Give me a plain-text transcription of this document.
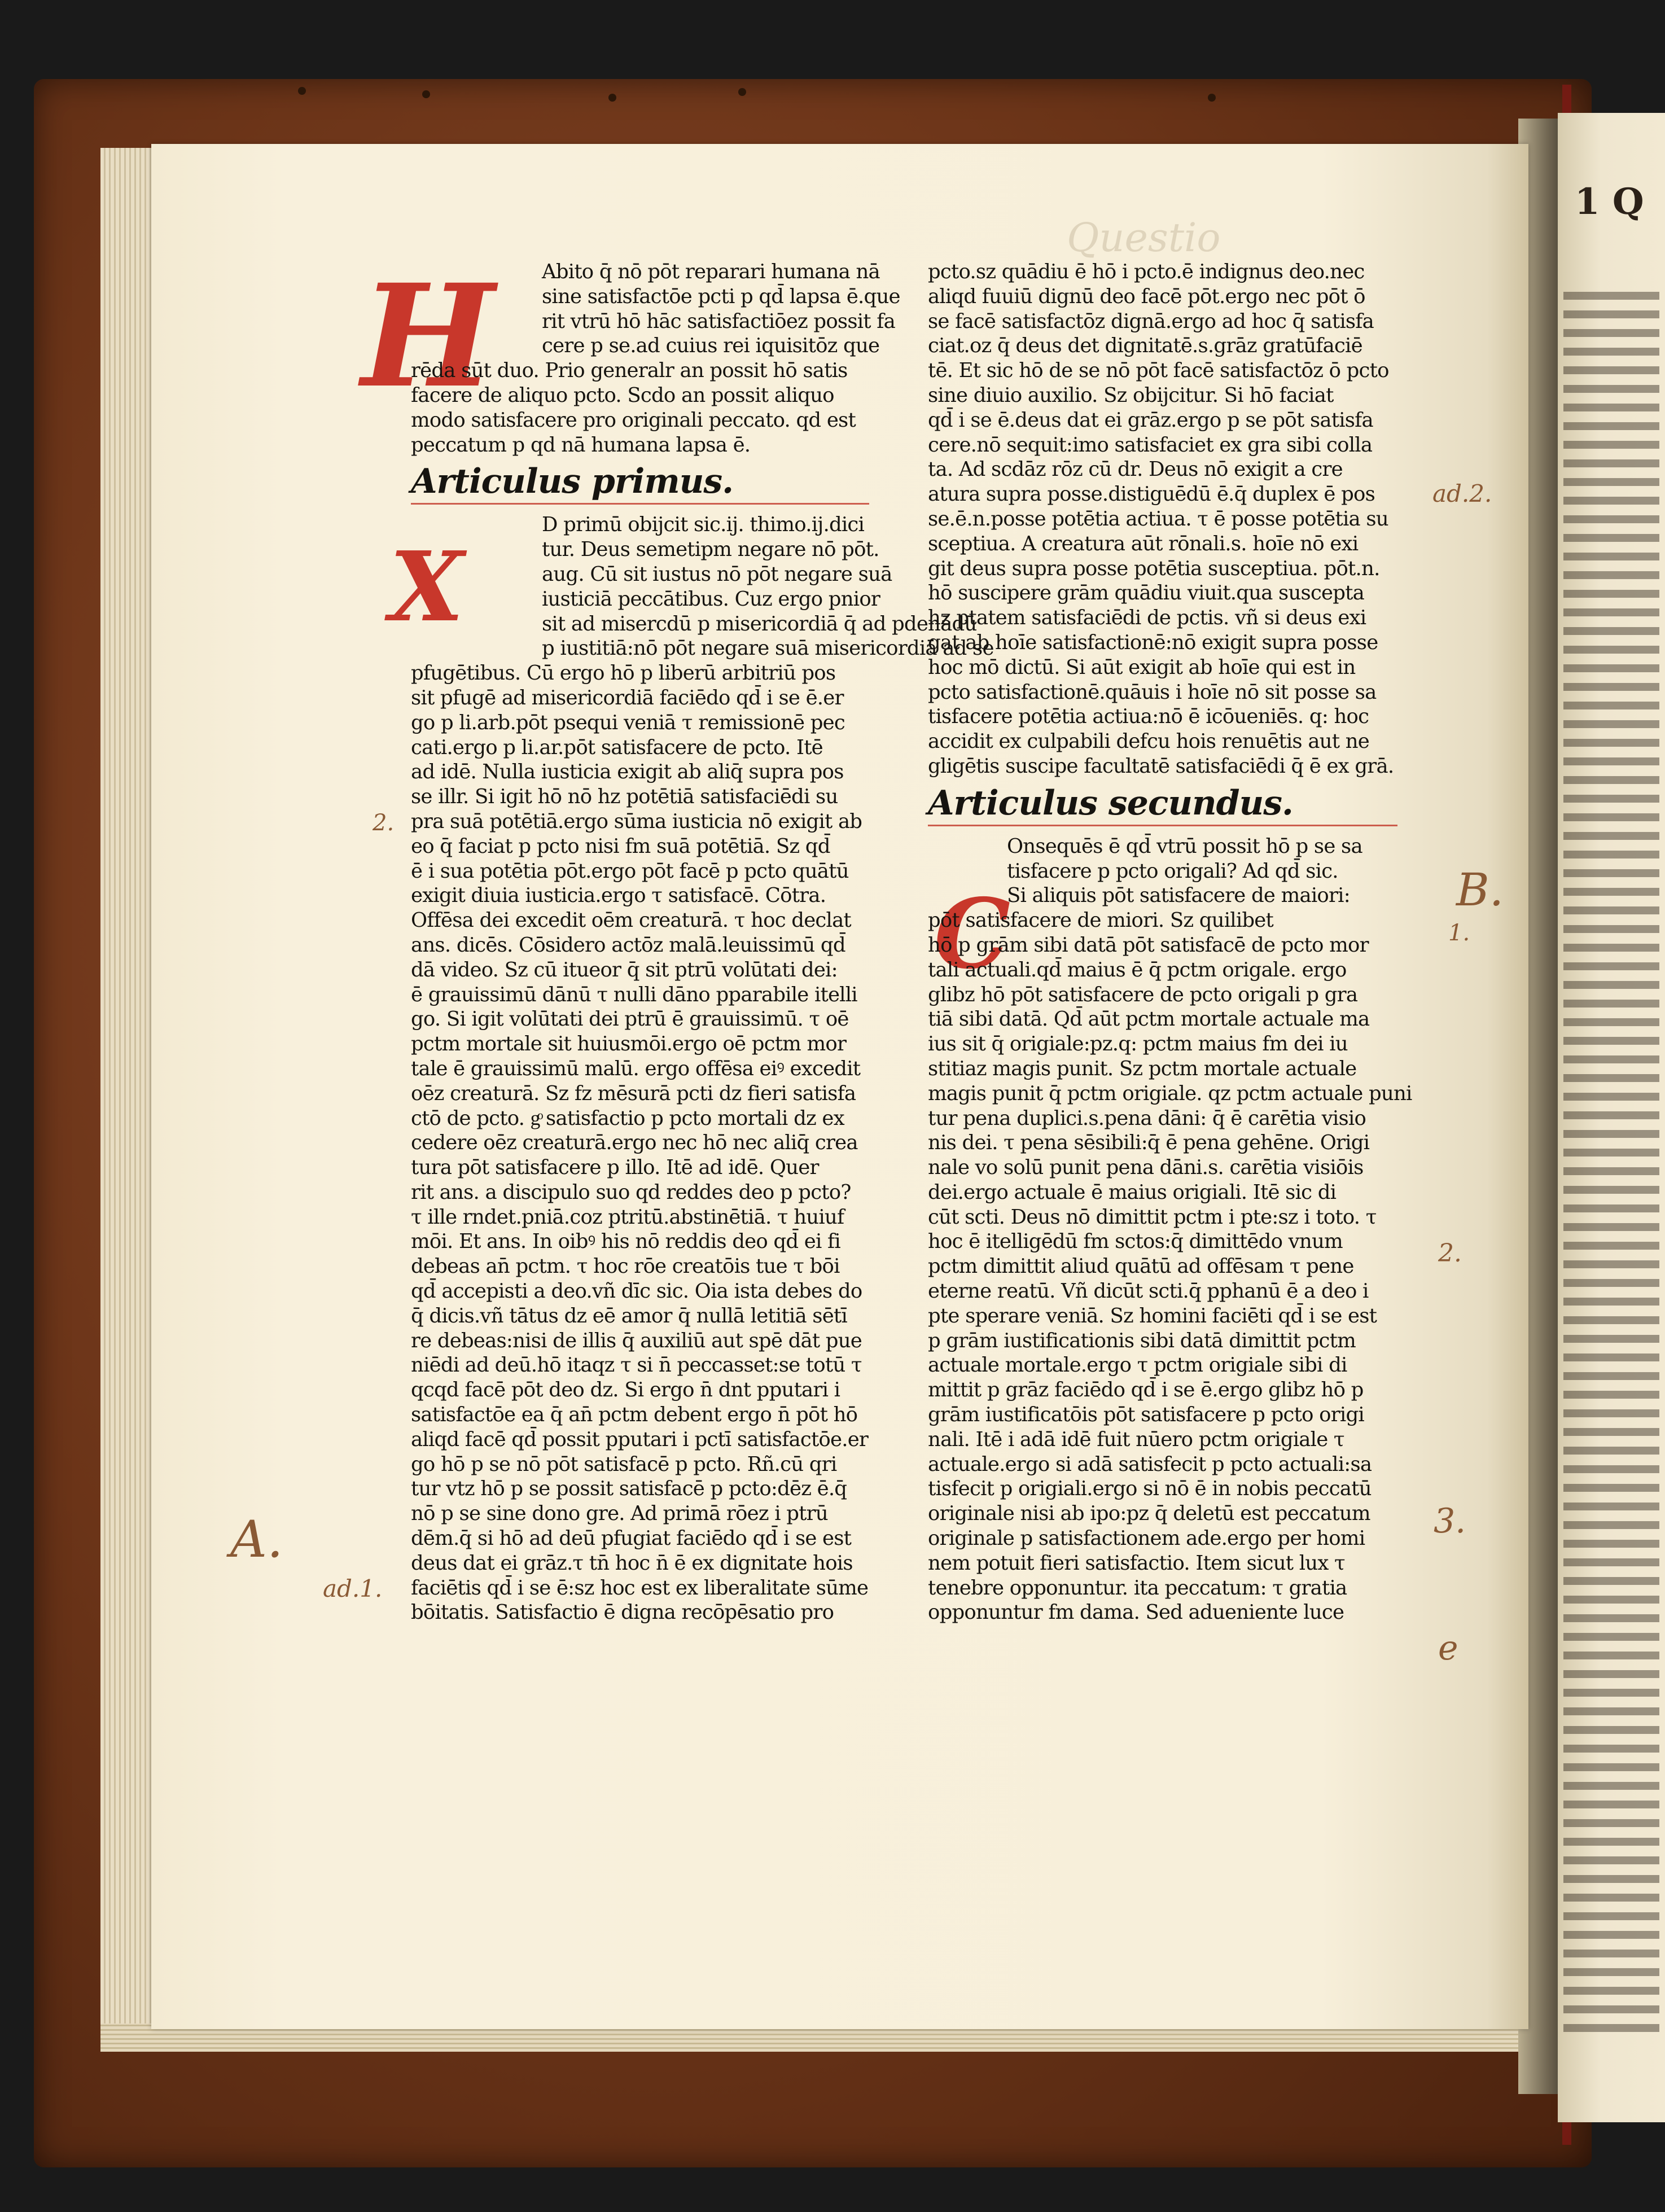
1 Q
Questio
H
X
C
Abito q̄ nō pōt reparari humana nā
sine satisfactōe pcti p qd̄ lapsa ē.que
rit vtrū hō hāc satisfactiōez possit fa
cere p se.ad cuius rei iquisitōz que
rēda sūt duo. Prio generalr an possit hō satis
facere de aliquo pcto. Scdo an possit aliquo
modo satisfacere pro originali peccato. qd est
peccatum p qd nā humana lapsa ē.
Articulus primus.
D primū obijcit sic.ij. thimo.ij.dici
tur. Deus semetipm negare nō pōt.
aug. Cū sit iustus nō pōt negare suā
iusticiā peccātibus. Cuz ergo pnior
sit ad misercdū p misericordiā q̄ ad pdenādū
p iustitiā:nō pōt negare suā misericordiā ad se
pfugētibus. Cū ergo hō p liberū arbitriū pos
sit pfugē ad misericordiā faciēdo qd̄ i se ē.er
go p li.arb.pōt psequi veniā τ remissionē pec
cati.ergo p li.ar.pōt satisfacere de pcto. Itē
ad idē. Nulla iusticia exigit ab aliq̄ supra pos
se illr. Si igit hō nō hz potētiā satisfaciēdi su
pra suā potētiā.ergo sūma iusticia nō exigit ab
eo q̄ faciat p pcto nisi fm suā potētiā. Sz qd̄
ē i sua potētia pōt.ergo pōt facē p pcto quātū
exigit diuia iusticia.ergo τ satisfacē. Cōtra.
Offēsa dei excedit oēm creaturā. τ hoc declat
ans. dicēs. Cōsidero actōz malā.leuissimū qd̄
dā video. Sz cū itueor q̄ sit ptrū volūtati dei:
ē grauissimū dānū τ nulli dāno pparabile itelli
go. Si igit volūtati dei ptrū ē grauissimū. τ oē
pctm mortale sit huiusmōi.ergo oē pctm mor
tale ē grauissimū malū. ergo offēsa eiꝰ excedit
oēz creaturā. Sz fz mēsurā pcti dz fieri satisfa
ctō de pcto. gͦ satisfactio p pcto mortali dz ex
cedere oēz creaturā.ergo nec hō nec aliq̄ crea
tura pōt satisfacere p illo. Itē ad idē. Quer
rit ans. a discipulo suo qd reddes deo p pcto?
τ ille rndet.pniā.coz ptritū.abstinētiā. τ huiuf
mōi. Et ans. In oibꝰ his nō reddis deo qd̄ ei fi
debeas an̄ pctm. τ hoc rōe creatōis tue τ bōi
qd̄ accepisti a deo.vñ dīc sic. Oia ista debes do
q̄ dicis.vñ tātus dz eē amor q̄ nullā letitiā sētī
re debeas:nisi de illis q̄ auxiliū aut spē dāt pue
niēdi ad deū.hō itaqz τ si n̄ peccasset:se totū τ
qcqd facē pōt deo dz. Si ergo n̄ dnt pputari i
satisfactōe ea q̄ an̄ pctm debent ergo n̄ pōt hō
aliqd facē qd̄ possit pputari i pctī satisfactōe.er
go hō p se nō pōt satisfacē p pcto. Rñ.cū qri
tur vtz hō p se possit satisfacē p pcto:dēz ē.q̄
nō p se sine dono gre. Ad primā rōez i ptrū
dēm.q̄ si hō ad deū pfugiat faciēdo qd̄ i se est
deus dat ei grāz.τ tn̄ hoc n̄ ē ex dignitate hois
faciētis qd̄ i se ē:sz hoc est ex liberalitate sūme
bōitatis. Satisfactio ē digna recōpēsatio pro
pcto.sz quādiu ē hō i pcto.ē indignus deo.nec
aliqd fuuiū dignū deo facē pōt.ergo nec pōt ō
se facē satisfactōz dignā.ergo ad hoc q̄ satisfa
ciat.oz q̄ deus det dignitatē.s.grāz gratūfaciē
tē. Et sic hō de se nō pōt facē satisfactōz ō pcto
sine diuio auxilio. Sz obijcitur. Si hō faciat
qd̄ i se ē.deus dat ei grāz.ergo p se pōt satisfa
cere.nō sequit:imo satisfaciet ex gra sibi colla
ta. Ad scdāz rōz cū dr. Deus nō exigit a cre
atura supra posse.distiguēdū ē.q̄ duplex ē pos
se.ē.n.posse potētia actiua. τ ē posse potētia su
sceptiua. A creatura aūt rōnali.s. hoīe nō exi
git deus supra posse potētia susceptiua. pōt.n.
hō suscipere grām quādiu viuit.qua suscepta
hz ptatem satisfaciēdi de pctis. vñ si deus exi
gat ab hoīe satisfactionē:nō exigit supra posse
hoc mō dictū. Si aūt exigit ab hoīe qui est in
pcto satisfactionē.quāuis i hoīe nō sit posse sa
tisfacere potētia actiua:nō ē icōueniēs. q: hoc
accidit ex culpabili defcu hois renuētis aut ne
gligētis suscipe facultatē satisfaciēdi q̄ ē ex grā.
Articulus secundus.
Onsequēs ē qd̄ vtrū possit hō p se sa
tisfacere p pcto origali? Ad qd̄ sic.
Si aliquis pōt satisfacere de maiori:
pōt satisfacere de miori. Sz quilibet
hō p grām sibi datā pōt satisfacē de pcto mor
tali actuali.qd̄ maius ē q̄ pctm origale. ergo
glibz hō pōt satisfacere de pcto origali p gra
tiā sibi datā. Qd̄ aūt pctm mortale actuale ma
ius sit q̄ origiale:pz.q: pctm maius fm dei iu
stitiaz magis punit. Sz pctm mortale actuale
magis punit q̄ pctm origiale. qz pctm actuale puni
tur pena duplici.s.pena dāni: q̄ ē carētia visio
nis dei. τ pena sēsibili:q̄ ē pena gehēne. Origi
nale vo solū punit pena dāni.s. carētia visiōis
dei.ergo actuale ē maius origiali. Itē sic di
cūt scti. Deus nō dimittit pctm i pte:sz i toto. τ
hoc ē itelligēdū fm sctos:q̄ dimittēdo vnum
pctm dimittit aliud quātū ad offēsam τ pene
eterne reatū. Vñ dicūt scti.q̄ pphanū ē a deo i
pte sperare veniā. Sz homini faciēti qd̄ i se est
p grām iustificationis sibi datā dimittit pctm
actuale mortale.ergo τ pctm origiale sibi di
mittit p grāz faciēdo qd̄ i se ē.ergo glibz hō p
grām iustificatōis pōt satisfacere p pcto origi
nali. Itē i adā idē fuit nūero pctm origiale τ
actuale.ergo si adā satisfecit p pcto actuali:sa
tisfecit p origiali.ergo si nō ē in nobis peccatū
originale nisi ab ipo:pz q̄ deletū est peccatum
originale p satisfactionem ade.ergo per homi
nem potuit fieri satisfactio. Item sicut lux τ
tenebre opponuntur. ita peccatum: τ gratia
opponuntur fm dama. Sed adueniente luce
2.
A.
ad.1.
ad.2.
B.
1.
2.
3.
e
